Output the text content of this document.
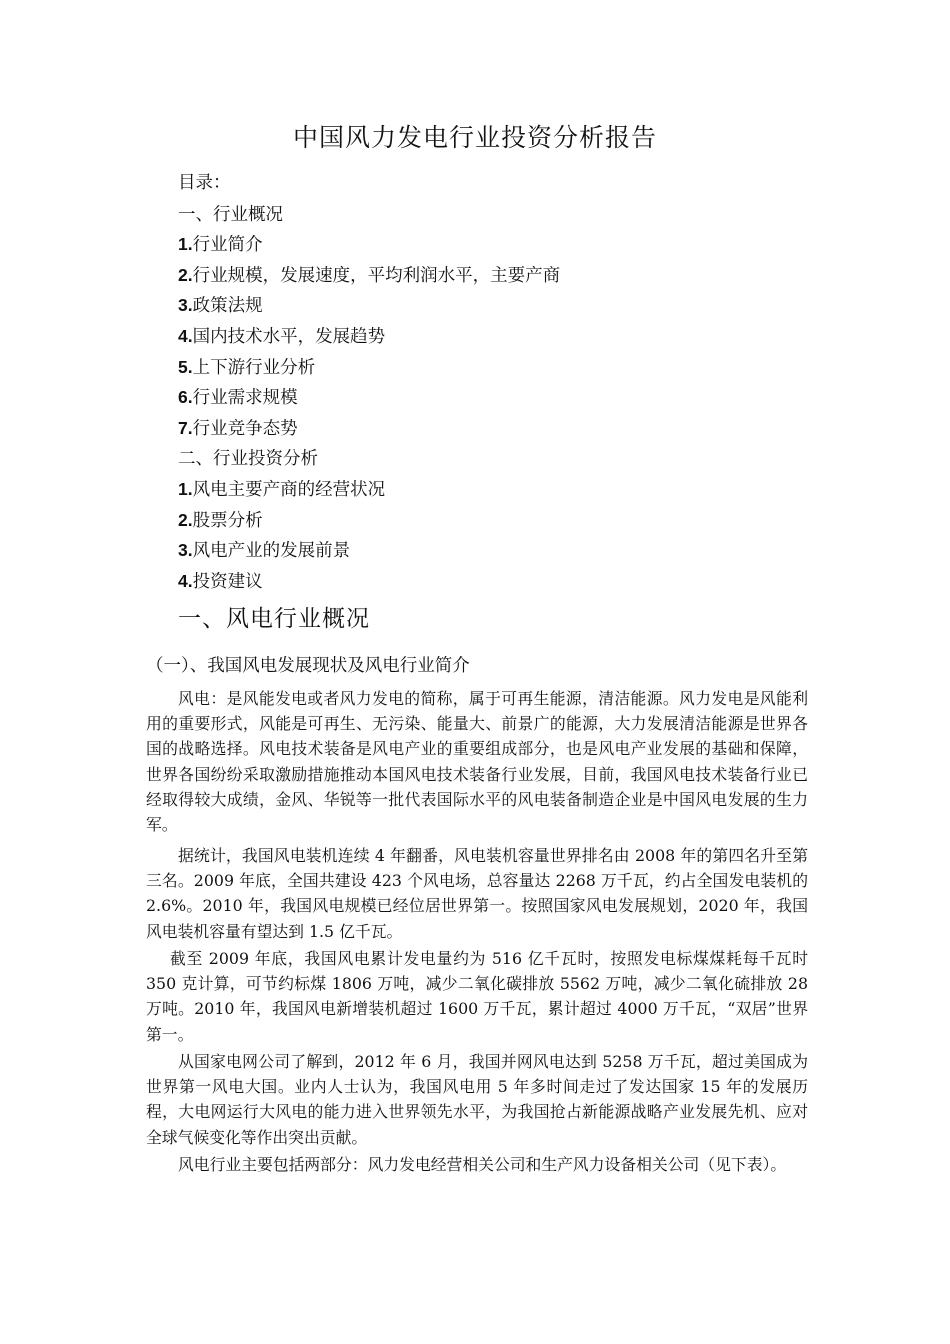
中国风力发电行业投资分析报告
目录：
一、行业概况
1.行业简介
2.行业规模，发展速度，平均利润水平，主要产商
3.政策法规
4.国内技术水平，发展趋势
5.上下游行业分析
6.行业需求规模
7.行业竞争态势
二、行业投资分析
1.风电主要产商的经营状况
2.股票分析
3.风电产业的发展前景
4.投资建议
一、风电行业概况
（一）、我国风电发展现状及风电行业简介

风电：是风能发电或者风力发电的简称，属于可再生能源，清洁能源。风力发电是风能利用的重要形式，风能是可再生、无污染、能量大、前景广的能源，大力发展清洁能源是世界各国的战略选择。风电技术装备是风电产业的重要组成部分，也是风电产业发展的基础和保障，世界各国纷纷采取激励措施推动本国风电技术装备行业发展，目前，我国风电技术装备行业已经取得较大成绩，金风、华锐等一批代表国际水平的风电装备制造企业是中国风电发展的生力军。

据统计，我国风电装机连续 4 年翻番，风电装机容量世界排名由 2008 年的第四名升至第三名。2009 年底，全国共建设 423 个风电场，总容量达 2268 万千瓦，约占全国发电装机的 2.6%。2010 年，我国风电规模已经位居世界第一。按照国家风电发展规划，2020 年，我国风电装机容量有望达到 1.5 亿千瓦。

截至 2009 年底，我国风电累计发电量约为 516 亿千瓦时，按照发电标煤煤耗每千瓦时 350 克计算，可节约标煤 1806 万吨，减少二氧化碳排放 5562 万吨，减少二氧化硫排放 28 万吨。2010 年，我国风电新增装机超过 1600 万千瓦，累计超过 4000 万千瓦，“双居”世界第一。

从国家电网公司了解到，2012 年 6 月，我国并网风电达到 5258 万千瓦，超过美国成为世界第一风电大国。业内人士认为，我国风电用 5 年多时间走过了发达国家 15 年的发展历程，大电网运行大风电的能力进入世界领先水平，为我国抢占新能源战略产业发展先机、应对全球气候变化等作出突出贡献。

风电行业主要包括两部分：风力发电经营相关公司和生产风力设备相关公司（见下表）。
